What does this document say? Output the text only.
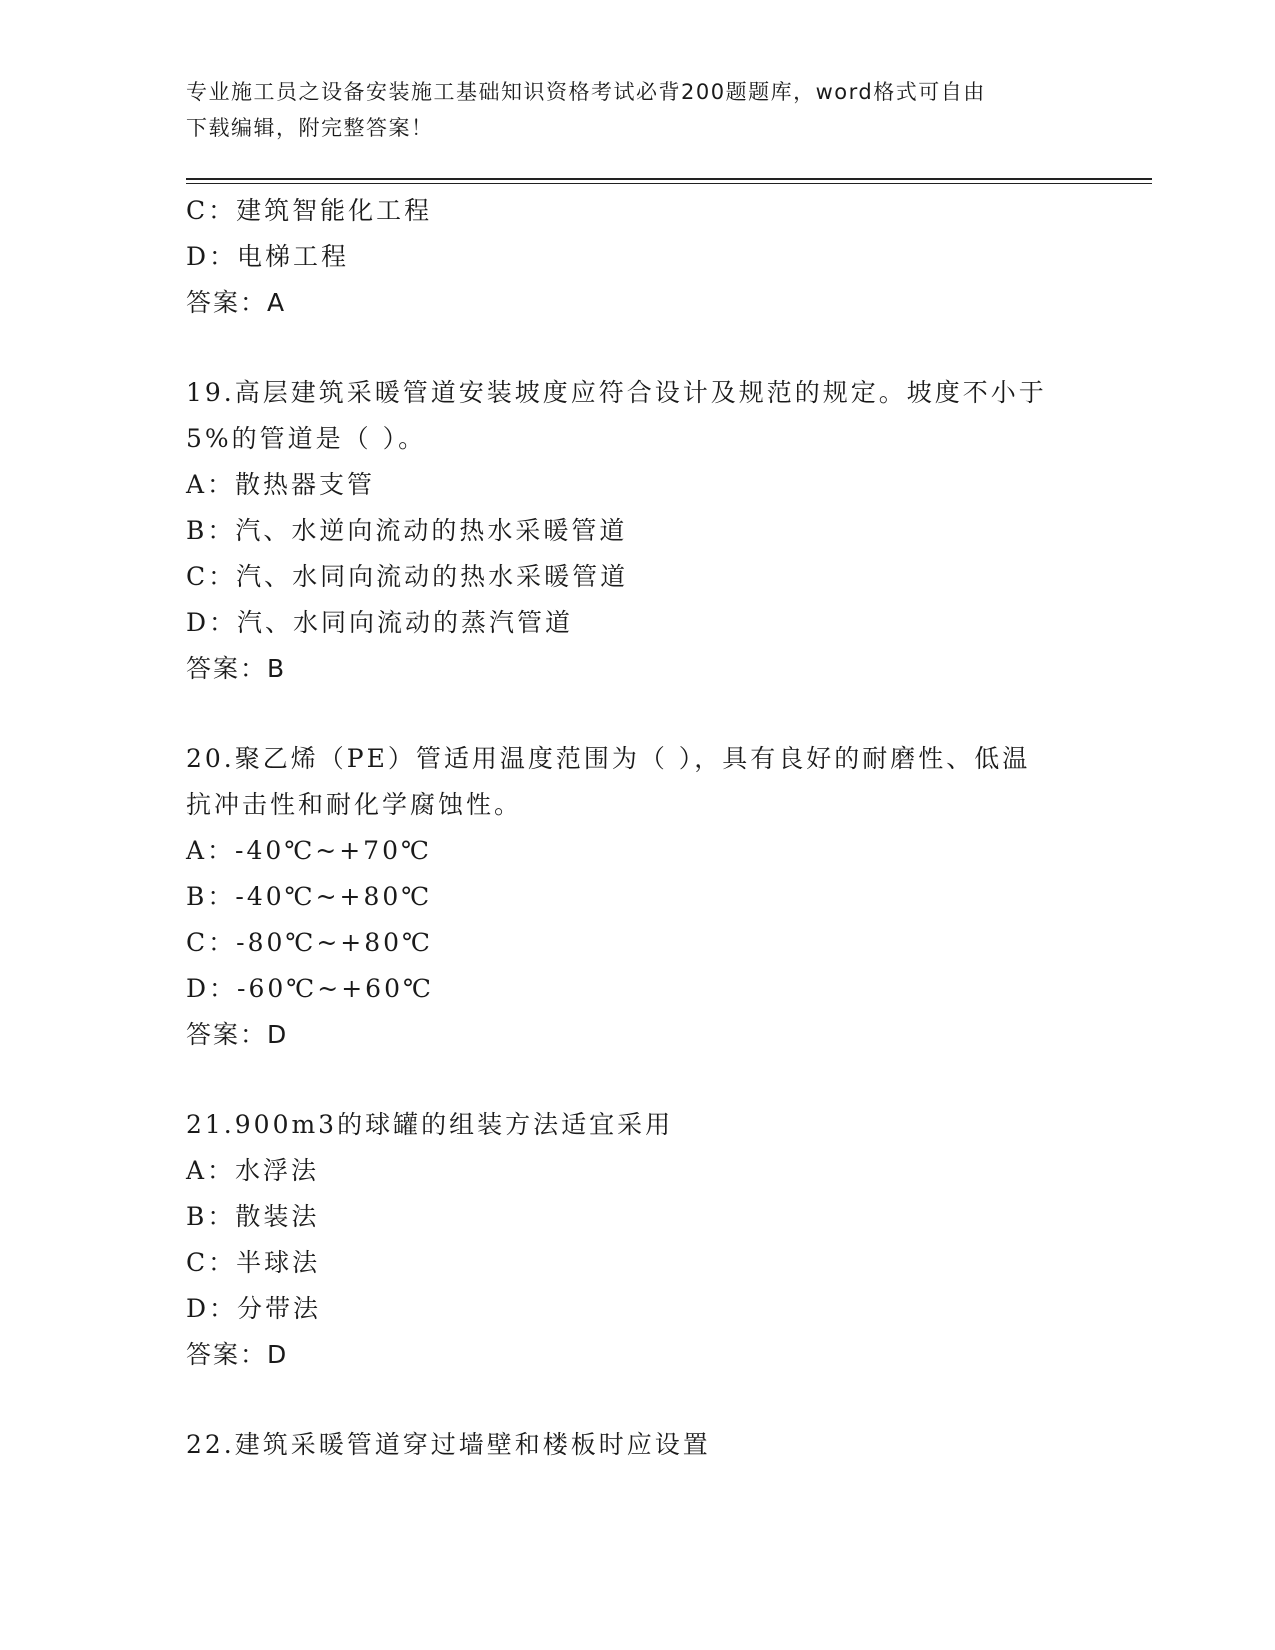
专业施工员之设备安装施工基础知识资格考试必背200题题库，word格式可自由
下载编辑，附完整答案！
C：建筑智能化工程
D：电梯工程
答案：A
19.高层建筑采暖管道安装坡度应符合设计及规范的规定。坡度不小于
5%的管道是（ ）。
A：散热器支管
B：汽、水逆向流动的热水采暖管道
C：汽、水同向流动的热水采暖管道
D：汽、水同向流动的蒸汽管道
答案：B
20.聚乙烯（PE）管适用温度范围为（ ），具有良好的耐磨性、低温
抗冲击性和耐化学腐蚀性。
A：-40℃~+70℃
B：-40℃~+80℃
C：-80℃~+80℃
D：-60℃~+60℃
答案：D
21.900m3的球罐的组装方法适宜采用
A：水浮法
B：散装法
C：半球法
D：分带法
答案：D
22.建筑采暖管道穿过墙壁和楼板时应设置
